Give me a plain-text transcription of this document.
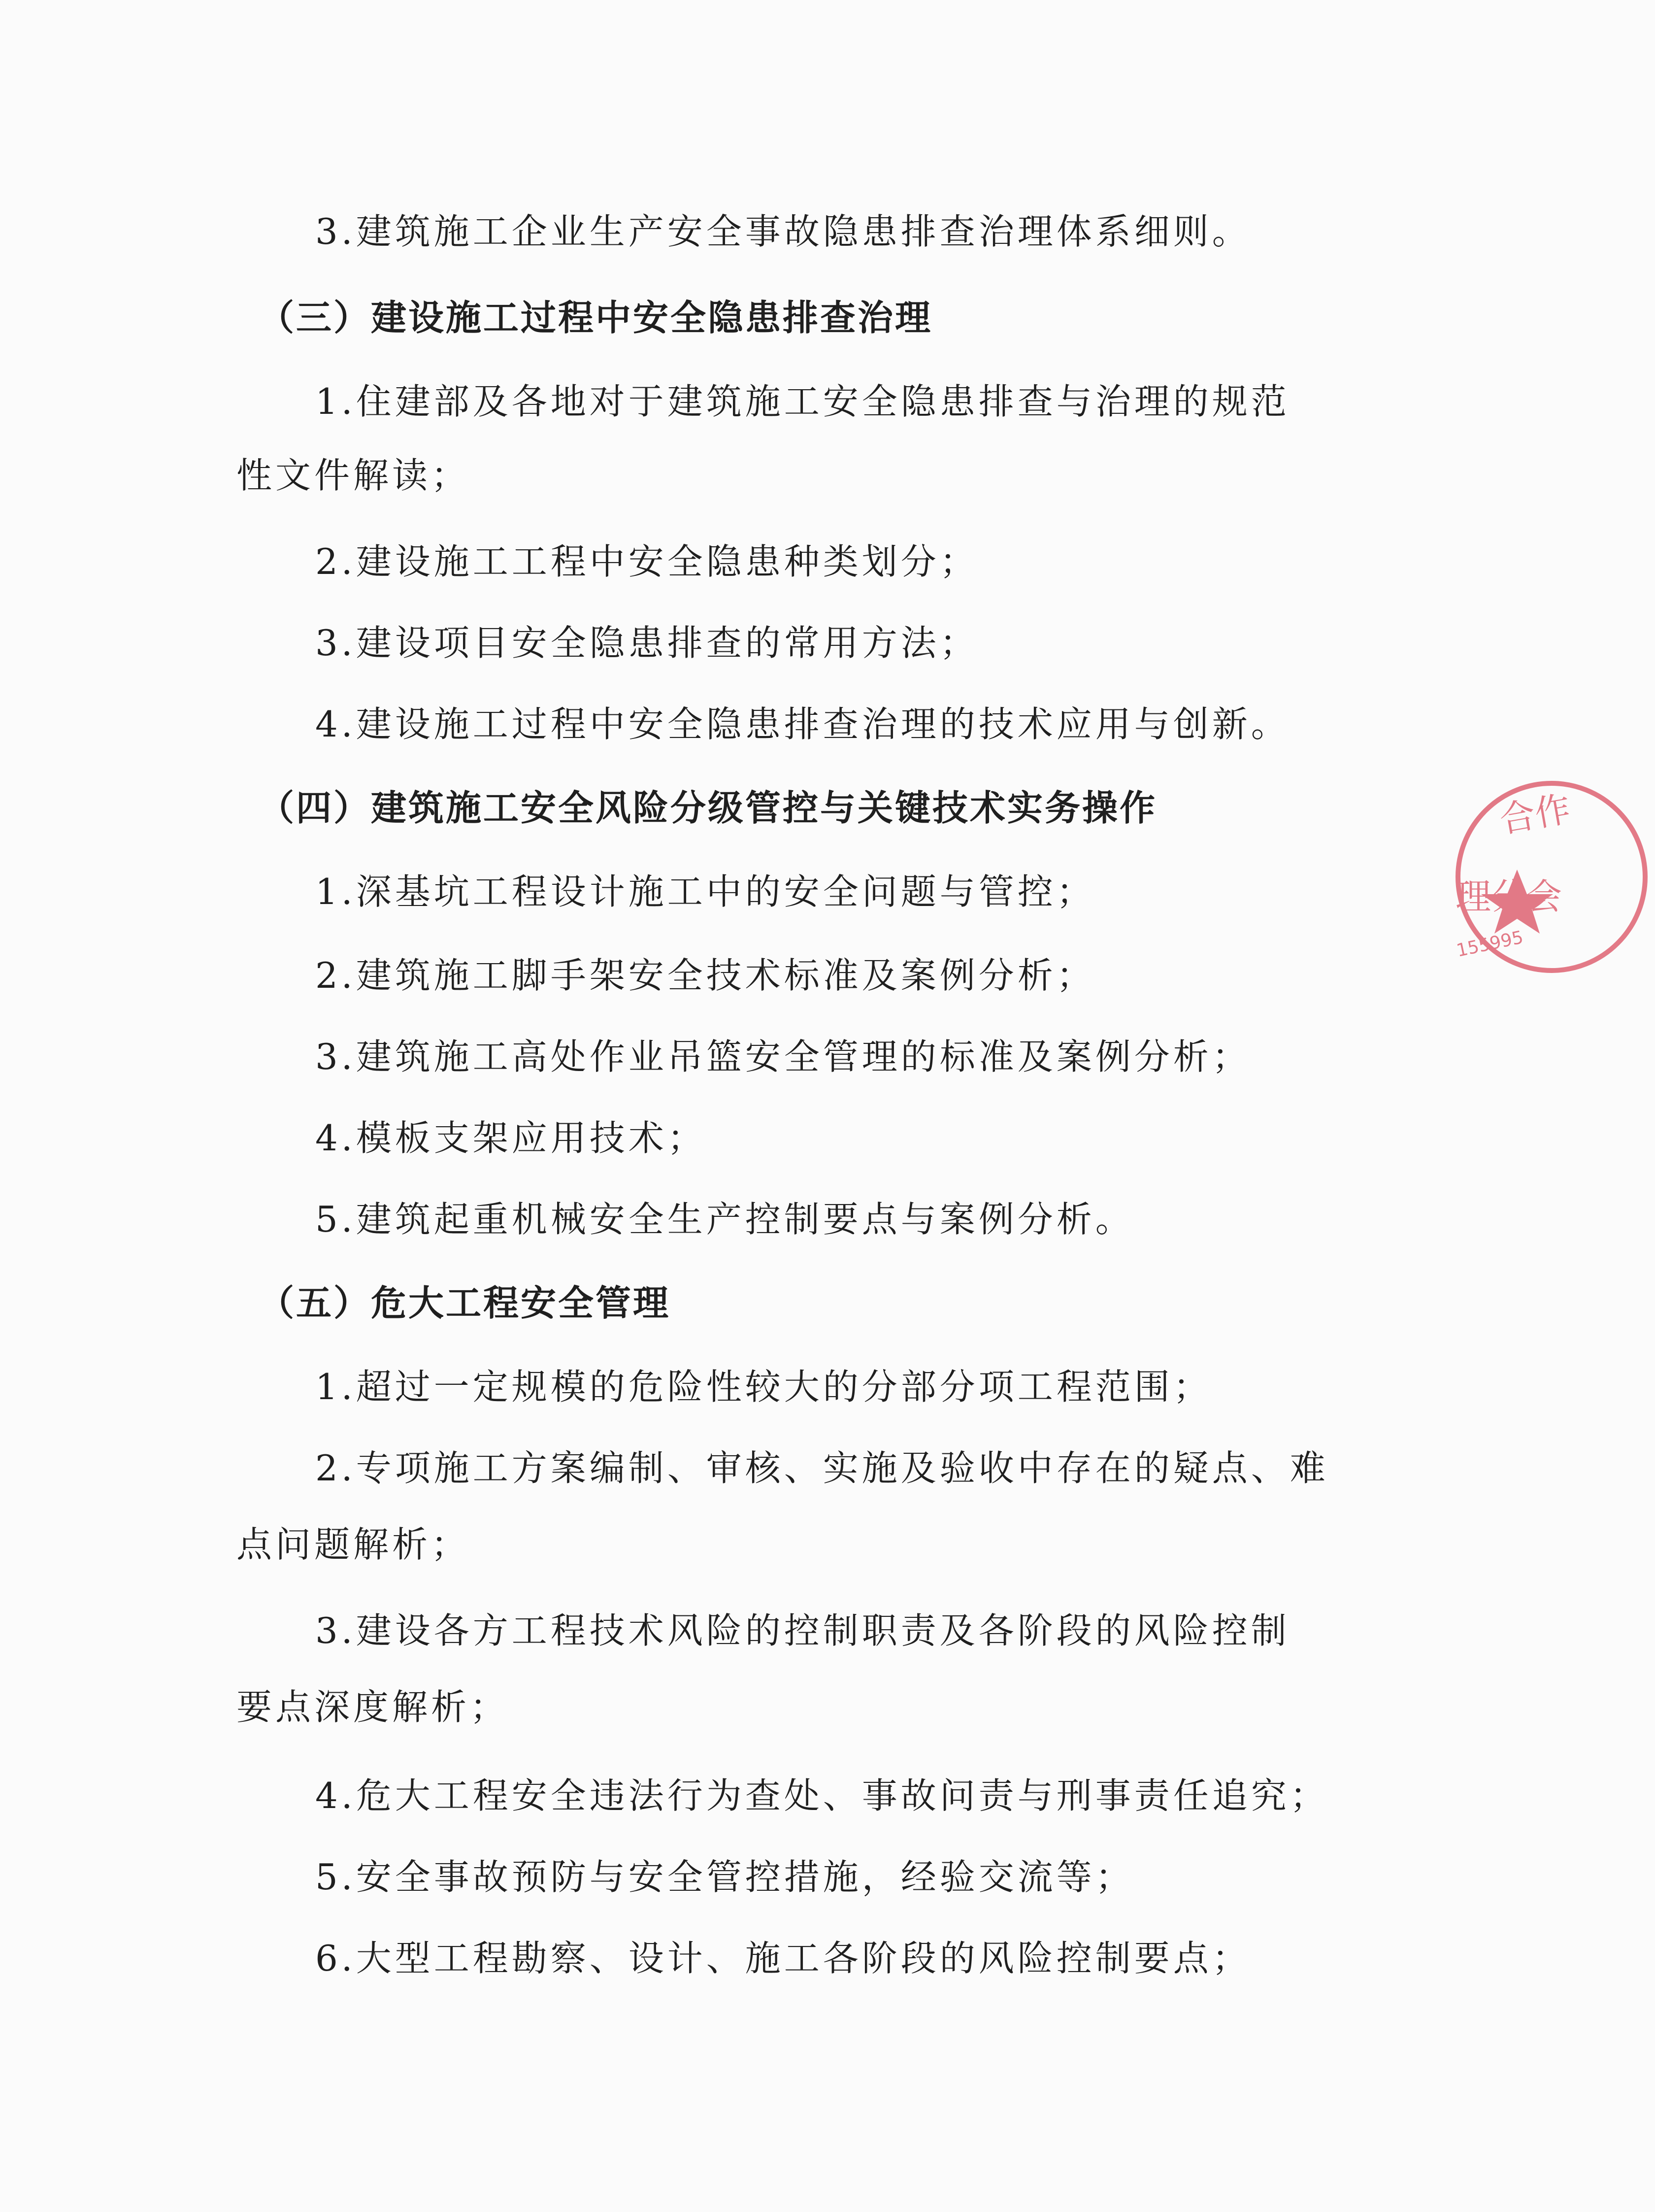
3.建筑施工企业生产安全事故隐患排查治理体系细则。
（三）建设施工过程中安全隐患排查治理
1.住建部及各地对于建筑施工安全隐患排查与治理的规范
性文件解读；
2.建设施工工程中安全隐患种类划分；
3.建设项目安全隐患排查的常用方法；
4.建设施工过程中安全隐患排查治理的技术应用与创新。
（四）建筑施工安全风险分级管控与关键技术实务操作
1.深基坑工程设计施工中的安全问题与管控；
2.建筑施工脚手架安全技术标准及案例分析；
3.建筑施工高处作业吊篮安全管理的标准及案例分析；
4.模板支架应用技术；
5.建筑起重机械安全生产控制要点与案例分析。
（五）危大工程安全管理
1.超过一定规模的危险性较大的分部分项工程范围；
2.专项施工方案编制、审核、实施及验收中存在的疑点、难
点问题解析；
3.建设各方工程技术风险的控制职责及各阶段的风险控制
要点深度解析；
4.危大工程安全违法行为查处、事故问责与刑事责任追究；
5.安全事故预防与安全管控措施，经验交流等；
6.大型工程勘察、设计、施工各阶段的风险控制要点；
合作
理分会
155995
